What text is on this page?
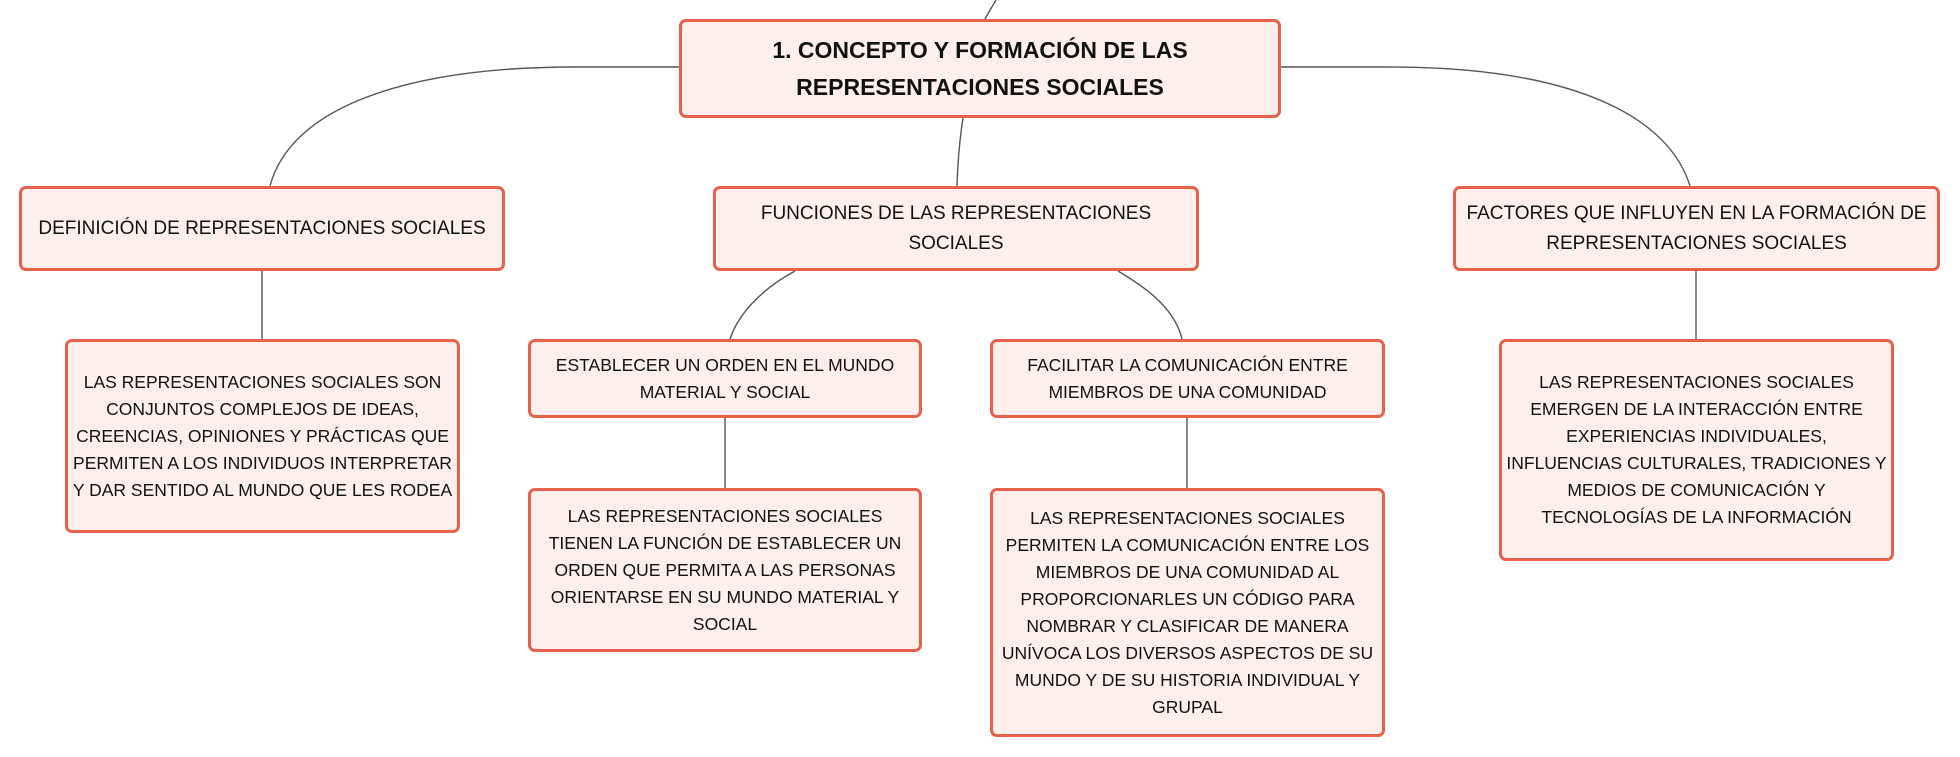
1. CONCEPTO Y FORMACIÓN DE LAS REPRESENTACIONES SOCIALES
DEFINICIÓN DE REPRESENTACIONES SOCIALES
FUNCIONES DE LAS REPRESENTACIONES SOCIALES
FACTORES QUE INFLUYEN EN LA FORMACIÓN DE REPRESENTACIONES SOCIALES
LAS REPRESENTACIONES SOCIALES SON CONJUNTOS COMPLEJOS DE IDEAS, CREENCIAS, OPINIONES Y PRÁCTICAS QUE PERMITEN A LOS INDIVIDUOS INTERPRETAR Y DAR SENTIDO AL MUNDO QUE LES RODEA
ESTABLECER UN ORDEN EN EL MUNDO MATERIAL Y SOCIAL
FACILITAR LA COMUNICACIÓN ENTRE MIEMBROS DE UNA COMUNIDAD
LAS REPRESENTACIONES SOCIALES TIENEN LA FUNCIÓN DE ESTABLECER UN ORDEN QUE PERMITA A LAS PERSONAS ORIENTARSE EN SU MUNDO MATERIAL Y SOCIAL
LAS REPRESENTACIONES SOCIALES PERMITEN LA COMUNICACIÓN ENTRE LOS MIEMBROS DE UNA COMUNIDAD AL PROPORCIONARLES UN CÓDIGO PARA NOMBRAR Y CLASIFICAR DE MANERA UNÍVOCA LOS DIVERSOS ASPECTOS DE SU MUNDO Y DE SU HISTORIA INDIVIDUAL Y GRUPAL
LAS REPRESENTACIONES SOCIALES EMERGEN DE LA INTERACCIÓN ENTRE EXPERIENCIAS INDIVIDUALES, INFLUENCIAS CULTURALES, TRADICIONES Y MEDIOS DE COMUNICACIÓN Y TECNOLOGÍAS DE LA INFORMACIÓN
